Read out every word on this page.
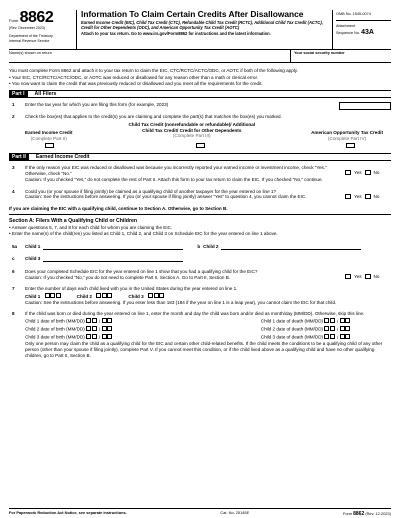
Form 8862
(Rev. December 2023)
Department of the Treasury
Internal Revenue Service
Information To Claim Certain Credits After Disallowance
Earned Income Credit (EIC), Child Tax Credit (CTC), Refundable Child Tax Credit (RCTC), Additional Child Tax Credit (ACTC), Credit for Other Dependents (ODC), and American Opportunity Tax Credit (AOTC)
Attach to your tax return. Go to www.irs.gov/Form8862 for instructions and the latest information.
OMB No. 1545-0074
Attachment
Sequence No. 43A
Name(s) shown on return	Your social security number

You must complete Form 8862 and attach it to your tax return to claim the EIC, CTC/RCTC/ACTC/ODC, or AOTC if both of the following apply.

• Your EIC, CTC/RCTC/ACTC/ODC, or AOTC was reduced or disallowed for any reason other than a math or clerical error.

• You now want to claim the credit that was previously reduced or disallowed and you meet all the requirements for the credit.

Part I	All Filers
1	Enter the tax year for which you are filing this form (for example, 2023)
2	Check the box(es) that applies to the credit(s) you are claiming and complete the part(s) that matches the box(es) you marked.
Earned Income Credit
(Complete Part II)
Child Tax Credit (nonrefundable or refundable)/ Additional Child Tax Credit/ Credit for Other Dependents
(Complete Part III)
American Opportunity Tax Credit
(Complete Part IV)
Part II	Earned Income Credit
3	If the only reason your EIC was reduced or disallowed was because you incorrectly reported your earned income or investment income, check “Yes.” Otherwise, check “No.”
Caution: If you checked “Yes,” do not complete the rest of Part II. Attach this form to your tax return to claim the EIC. If you checked “No,” continue.
Yes	No
4	Could you (or your spouse if filing jointly) be claimed as a qualifying child of another taxpayer for the year entered on line 1?
Caution: See the instructions before answering. If you (or your spouse if filing jointly) answer “Yes” to question 4, you cannot claim the EIC.	Yes	No
If you are claiming the EIC with a qualifying child, continue to Section A. Otherwise, go to Section B.
Section A: Filers With a Qualifying Child or Children

• Answer questions 5, 7, and 8 for each child for whom you are claiming the EIC.

• Enter the name(s) of the child(ren) you listed as Child 1, Child 2, and Child 3 on Schedule EIC for the year entered on line 1 above.

5a	Child 1	b Child 2
c	Child 3
6	Does your completed Schedule EIC for the year entered on line 1 show that you had a qualifying child for the EIC?
Caution: If you checked “No,” you do not need to complete Part II, Section A. Go to Part II, Section B.	Yes	No
7	Enter the number of days each child lived with you in the United States during the year entered on line 1.
Child 1	Child 2	Child 3
Caution: See the instructions before answering. If you enter less than 183 (184 if the year on line 1 is a leap year), you cannot claim the EIC for that child.
8	If the child was born or died during the year entered on line 1, enter the month and day the child was born and/or died as month/day (MM/DD). Otherwise, skip this line.
Child 1 date of birth (MM/DD)	/	Child 1 date of death (MM/DD)	/
Child 2 date of birth (MM/DD)	/	Child 2 date of death (MM/DD)	/
Child 3 date of birth (MM/DD)	/	Child 3 date of death (MM/DD)	/
Only one person may claim the child as a qualifying child for the EIC and certain other child-related benefits. If the child meets the conditions to be a qualifying child of any other person (other than your spouse if filing jointly), complete Part V. If you cannot meet this condition, or if the child lived above as a qualifying child and have no other qualifying children, go to Part II, Section B.
For Paperwork Reduction Act Notice, see separate instructions.	Cat. No. 25145E	Form 8862 (Rev. 12-2023)
